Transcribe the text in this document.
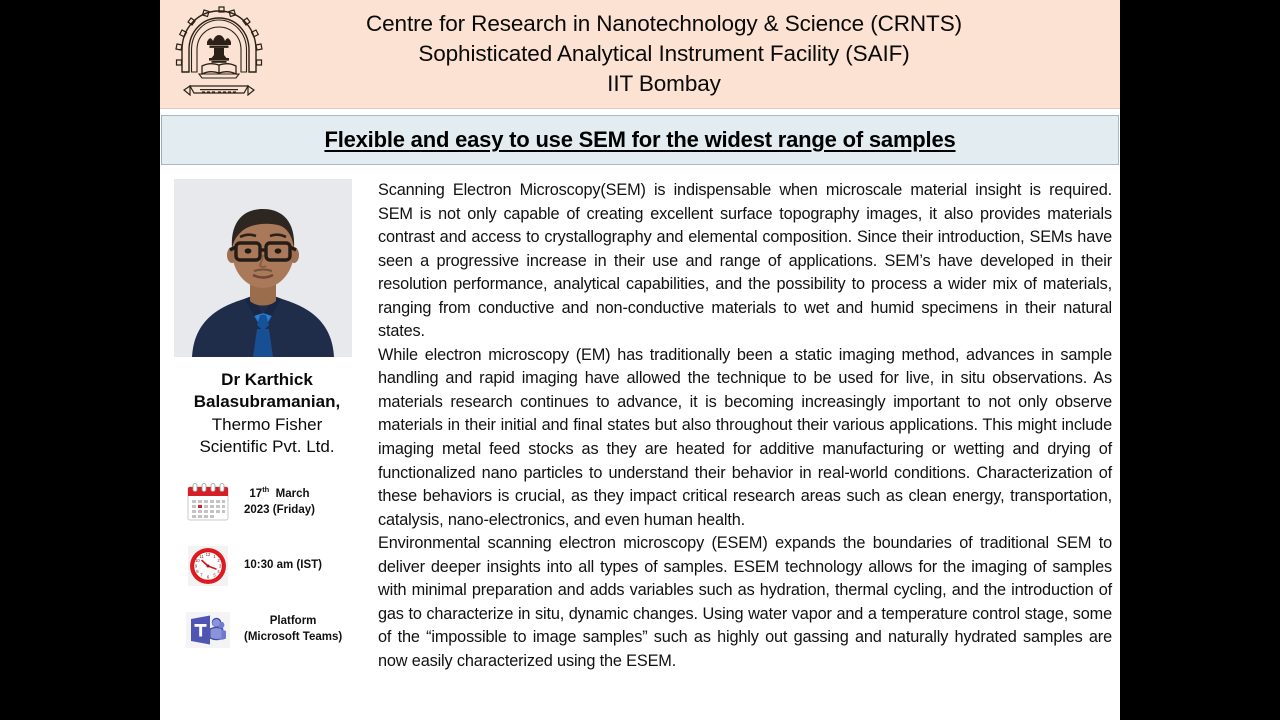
Centre for Research in Nanotechnology & Science (CRNTS)
Sophisticated Analytical Instrument Facility (SAIF)
IIT Bombay
Flexible and easy to use SEM for the widest range of samples
Dr Karthick
Balasubramanian,
Thermo Fisher
Scientific Pvt. Ltd.
17th March
2023 (Friday)
12 1
2
3
4
5
6
7
8
9
10
11
10:30 am (IST)
Platform
(Microsoft Teams)

Scanning Electron Microscopy(SEM) is indispensable when microscale material insight is required. SEM is not only capable of creating excellent surface topography images, it also provides materials contrast and access to crystallography and elemental composition. Since their introduction, SEMs have seen a progressive increase in their use and range of applications. SEM’s have developed in their resolution performance, analytical capabilities, and the possibility to process a wider mix of materials, ranging from conductive and non-conductive materials to wet and humid specimens in their natural states.

While electron microscopy (EM) has traditionally been a static imaging method, advances in sample handling and rapid imaging have allowed the technique to be used for live, in situ observations. As materials research continues to advance, it is becoming increasingly important to not only observe materials in their initial and final states but also throughout their various applications. This might include imaging metal feed stocks as they are heated for additive manufacturing or wetting and drying of functionalized nano particles to understand their behavior in real-world conditions. Characterization of these behaviors is crucial, as they impact critical research areas such as clean energy, transportation, catalysis, nano-electronics, and even human health.

Environmental scanning electron microscopy (ESEM) expands the boundaries of traditional SEM to deliver deeper insights into all types of samples. ESEM technology allows for the imaging of samples with minimal preparation and adds variables such as hydration, thermal cycling, and the introduction of gas to characterize in situ, dynamic changes. Using water vapor and a temperature control stage, some of the “impossible to image samples” such as highly out gassing and naturally hydrated samples are now easily characterized using the ESEM.
